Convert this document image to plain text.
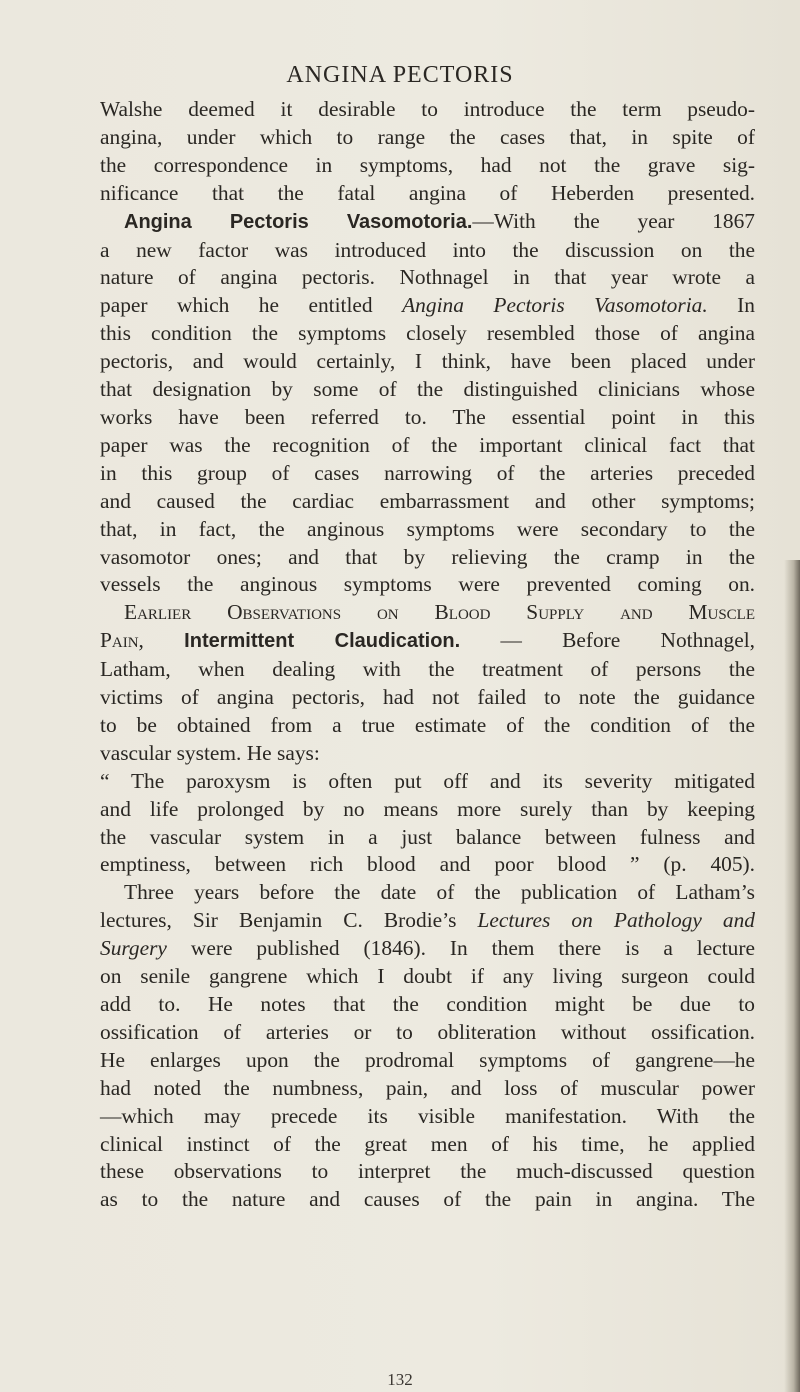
ANGINA PECTORIS
Walshe deemed it desirable to introduce the term pseudo-
angina, under which to range the cases that, in spite of
the correspondence in symptoms, had not the grave sig-
nificance that the fatal angina of Heberden presented.
Angina Pectoris Vasomotoria.—With the year 1867
a new factor was introduced into the discussion on the
nature of angina pectoris. Nothnagel in that year wrote a
paper which he entitled Angina Pectoris Vasomotoria. In
this condition the symptoms closely resembled those of angina
pectoris, and would certainly, I think, have been placed under
that designation by some of the distinguished clinicians whose
works have been referred to. The essential point in this
paper was the recognition of the important clinical fact that
in this group of cases narrowing of the arteries preceded
and caused the cardiac embarrassment and other symptoms;
that, in fact, the anginous symptoms were secondary to the
vasomotor ones; and that by relieving the cramp in the
vessels the anginous symptoms were prevented coming on.
Earlier Observations on Blood Supply and Muscle
Pain, Intermittent Claudication. — Before Nothnagel,
Latham, when dealing with the treatment of persons the
victims of angina pectoris, had not failed to note the guidance
to be obtained from a true estimate of the condition of the
vascular system. He says:
“ The paroxysm is often put off and its severity mitigated
and life prolonged by no means more surely than by keeping
the vascular system in a just balance between fulness and
emptiness, between rich blood and poor blood ” (p. 405).
Three years before the date of the publication of Latham’s
lectures, Sir Benjamin C. Brodie’s Lectures on Pathology and
Surgery were published (1846). In them there is a lecture
on senile gangrene which I doubt if any living surgeon could
add to. He notes that the condition might be due to
ossification of arteries or to obliteration without ossification.
He enlarges upon the prodromal symptoms of gangrene—he
had noted the numbness, pain, and loss of muscular power
—which may precede its visible manifestation. With the
clinical instinct of the great men of his time, he applied
these observations to interpret the much-discussed question
as to the nature and causes of the pain in angina. The
132
